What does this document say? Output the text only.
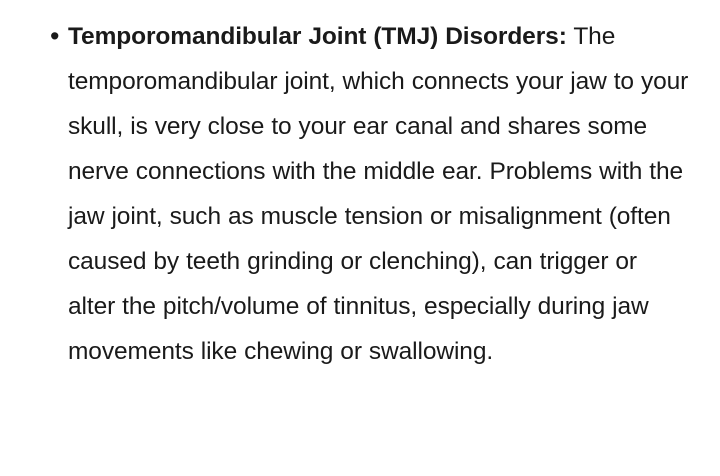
• Temporomandibular Joint (TMJ) Disorders: The temporomandibular joint, which connects your jaw to your skull, is very close to your ear canal and shares some nerve connections with the middle ear. Problems with the jaw joint, such as muscle tension or misalignment (often caused by teeth grinding or clenching), can trigger or alter the pitch/volume of tinnitus, especially during jaw movements like chewing or swallowing.
